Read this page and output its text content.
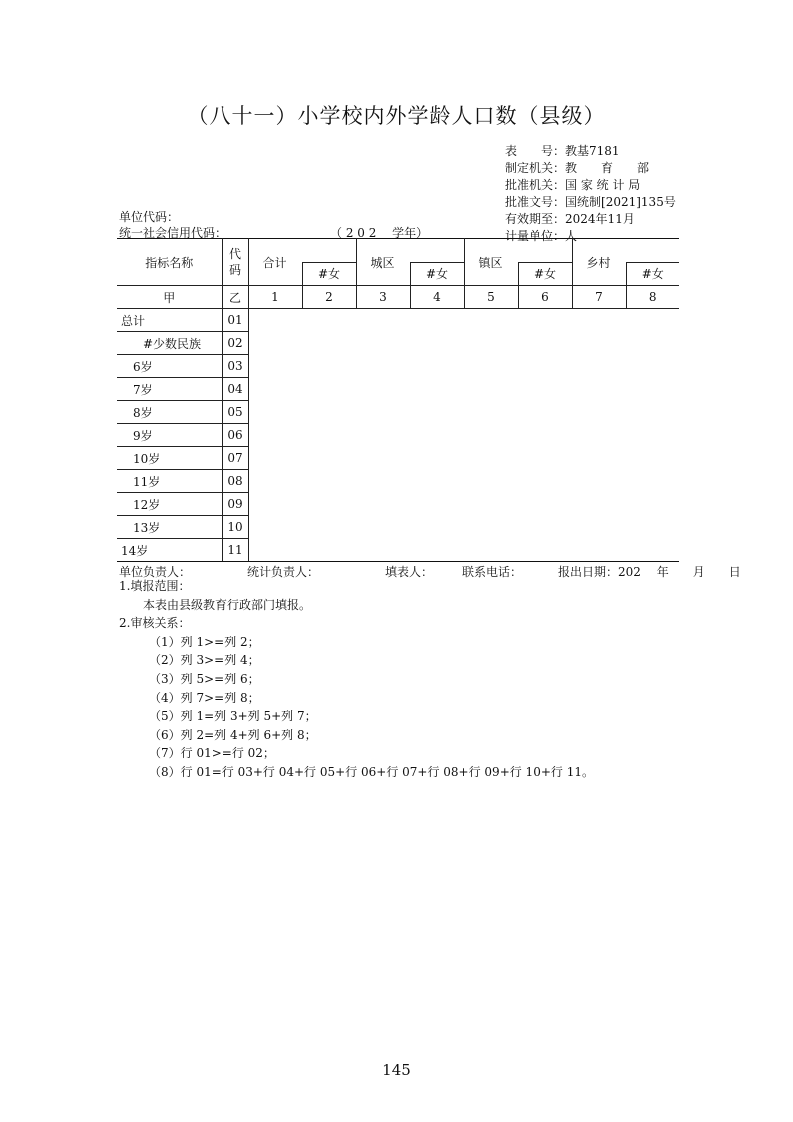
（八十一）小学校内外学龄人口数（县级）
表　　号：教基7181
制定机关：教　　育　　部
批准机关：国 家 统 计 局
批准文号：国统制[2021]135号
有效期至：2024年11月
计量单位：人
单位代码：
统一社会信用代码：	（ 2 0 2 　学年）
指标名称	代码	合计		城区		镇区		乡村	
			#女		#女		#女		#女
甲	乙	1	2	3	4	5	6	7	8
总计	01								
#少数民族	02								
6岁	03								
7岁	04								
8岁	05								
9岁	06								
10岁	07								
11岁	08								
12岁	09								
13岁	10								
14岁	11								
单位负责人：	统计负责人：	填表人： 联系电话：	报出日期：202　 年　　月　　日
1.填报范围：
本表由县级教育行政部门填报。
2.审核关系：
（1）列 1>=列 2；
（2）列 3>=列 4；
（3）列 5>=列 6；
（4）列 7>=列 8；
（5）列 1=列 3+列 5+列 7；
（6）列 2=列 4+列 6+列 8；
（7）行 01>=行 02；
（8）行 01=行 03+行 04+行 05+行 06+行 07+行 08+行 09+行 10+行 11。
145
